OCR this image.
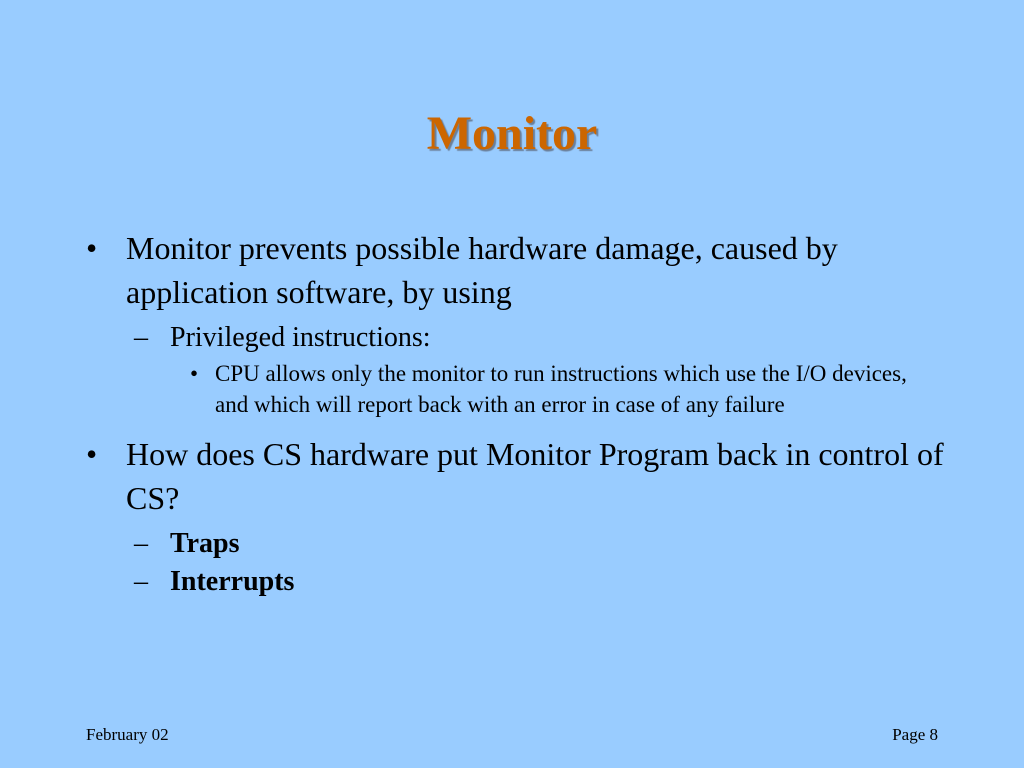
Monitor
• Monitor prevents possible hardware damage, caused by application software, by using
– Privileged instructions:
• CPU allows only the monitor to run instructions which use the I/O devices, and which will report back with an error in case of any failure
• How does CS hardware put Monitor Program back in control of CS?
– Traps
– Interrupts
February 02	Page 8
